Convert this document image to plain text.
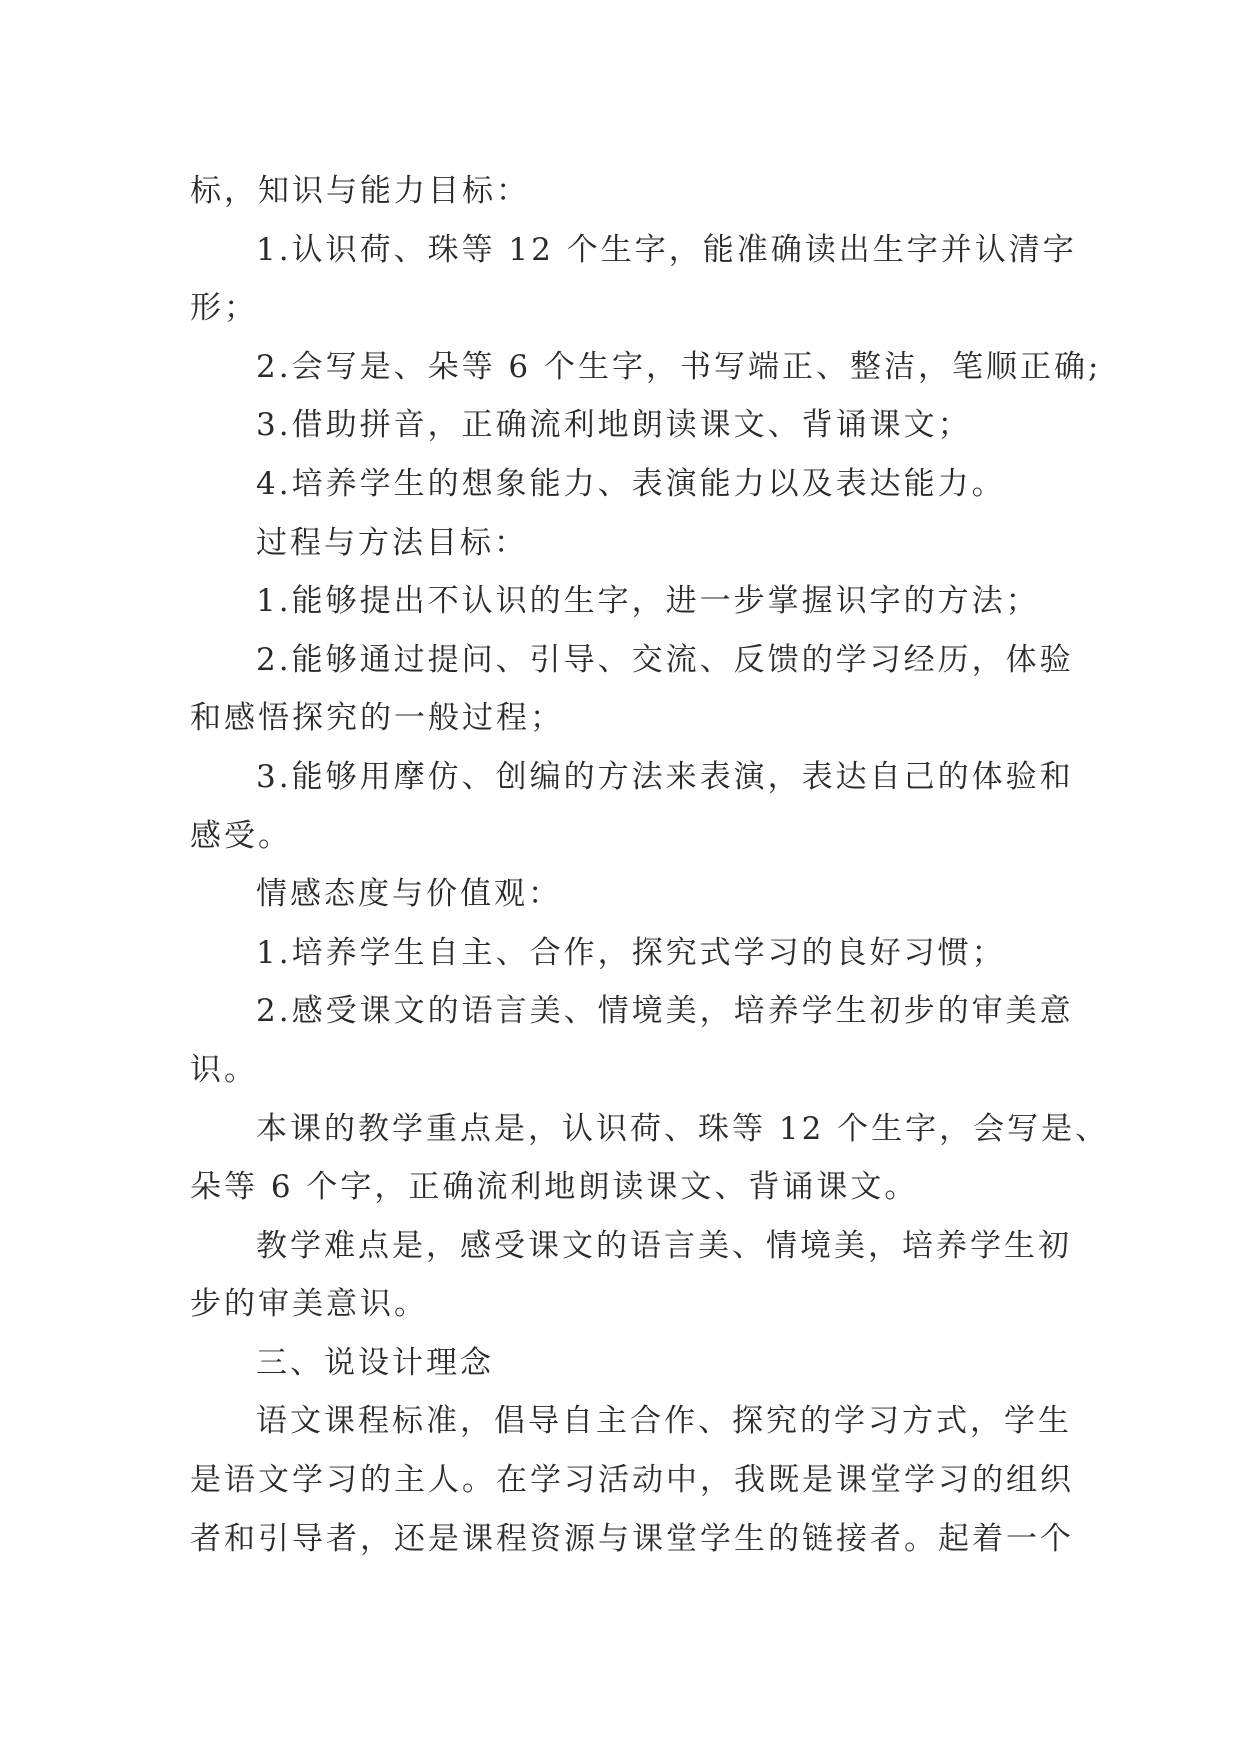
标，知识与能力目标：
1.认识荷、珠等 12 个生字，能准确读出生字并认清字
形；
2.会写是、朵等 6 个生字，书写端正、整洁，笔顺正确;
3.借助拼音，正确流利地朗读课文、背诵课文；
4.培养学生的想象能力、表演能力以及表达能力。
过程与方法目标：
1.能够提出不认识的生字，进一步掌握识字的方法；
2.能够通过提问、引导、交流、反馈的学习经历，体验
和感悟探究的一般过程；
3.能够用摩仿、创编的方法来表演，表达自己的体验和
感受。
情感态度与价值观：
1.培养学生自主、合作，探究式学习的良好习惯；
2.感受课文的语言美、情境美，培养学生初步的审美意
识。
本课的教学重点是，认识荷、珠等 12 个生字，会写是、
朵等 6 个字，正确流利地朗读课文、背诵课文。
教学难点是，感受课文的语言美、情境美，培养学生初
步的审美意识。
三、说设计理念
语文课程标准，倡导自主合作、探究的学习方式，学生
是语文学习的主人。在学习活动中，我既是课堂学习的组织
者和引导者，还是课程资源与课堂学生的链接者。起着一个
